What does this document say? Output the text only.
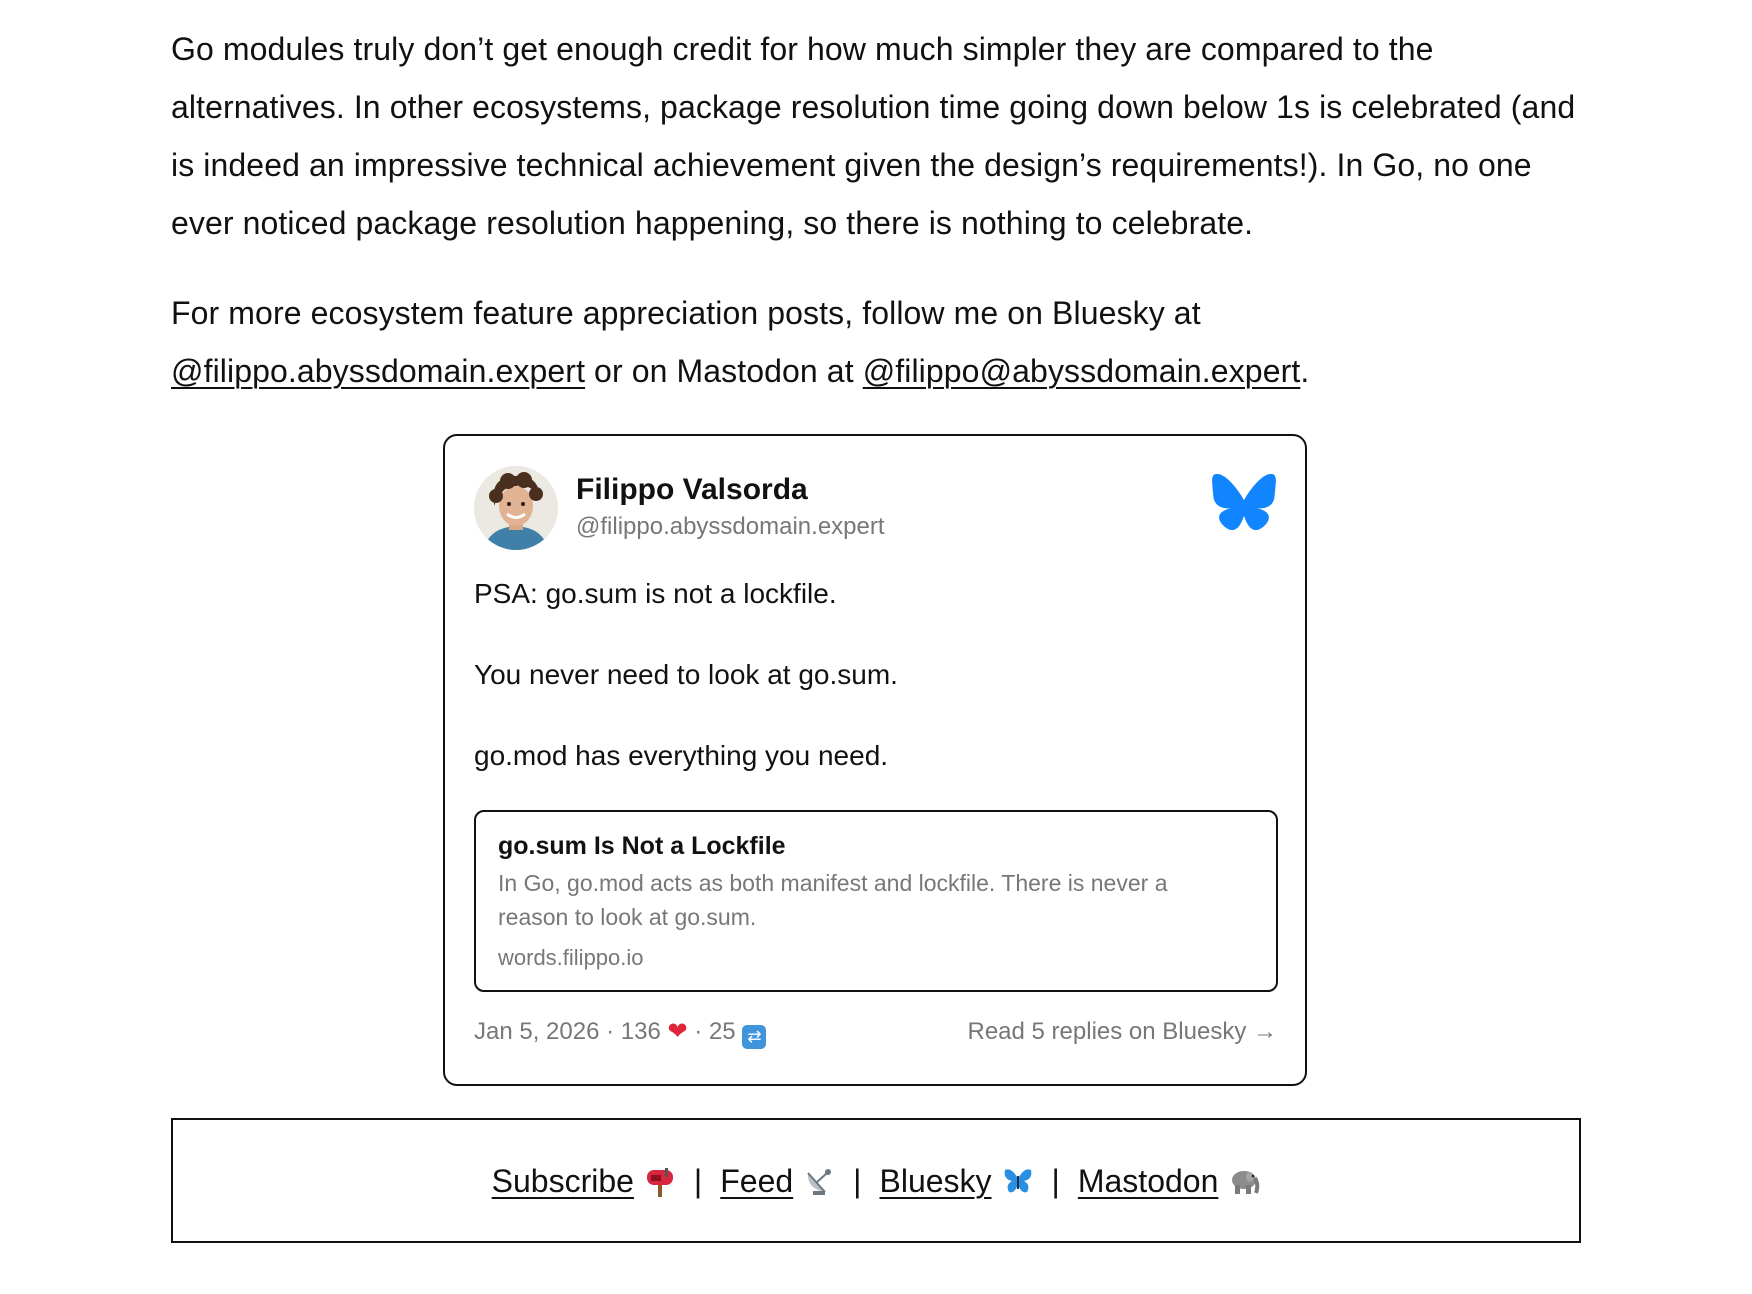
Go modules truly don’t get enough credit for how much simpler they are compared to the alternatives. In other ecosystems, package resolution time going down below 1s is celebrated (and is indeed an impressive technical achievement given the design’s requirements!). In Go, no one ever noticed package resolution happening, so there is nothing to celebrate.

For more ecosystem feature appreciation posts, follow me on Bluesky at @filippo.abyssdomain.expert or on Mastodon at @filippo@abyssdomain.expert.

Filippo Valsorda
@filippo.abyssdomain.expert
PSA: go.sum is not a lockfile.
You never need to look at go.sum.
go.mod has everything you need.
go.sum Is Not a Lockfile
In Go, go.mod acts as both manifest and lockfile. There is never a reason to look at go.sum.
words.filippo.io
Jan 5, 2026 · 136 ❤ · 25 ⇄	Read 5 replies on Bluesky →
Subscribe | Feed | Bluesky | Mastodon
